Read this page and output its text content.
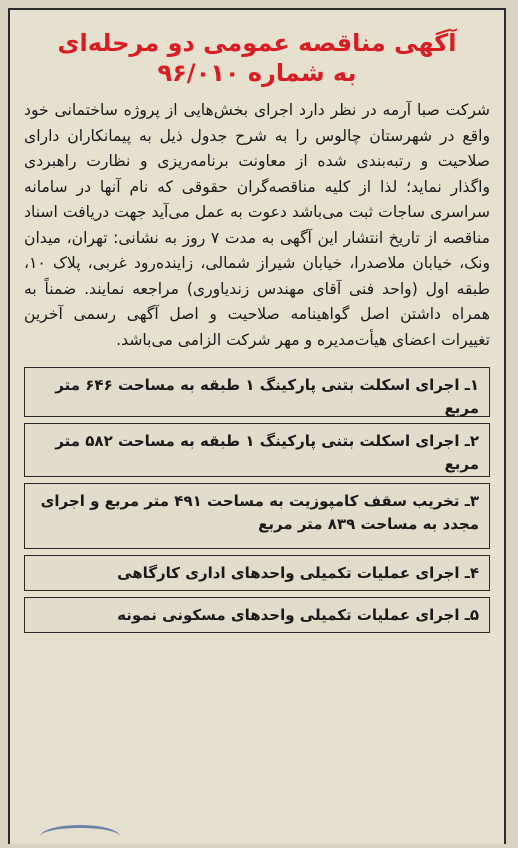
آگهی مناقصه عمومی دو مرحله‌ای
به شماره ۹۶/۰۱۰

شرکت صبا آرمه در نظر دارد اجرای بخش‌هایی از پروژه ساختمانی خود واقع در شهرستان چالوس را به شرح جدول ذیل به پیمانکاران دارای صلاحیت و رتبه‌بندی شده از معاونت برنامه‌ریزی و نظارت راهبردی واگذار نماید؛ لذا از کلیه مناقصه‌گران حقوقی که نام آنها در سامانه سراسری ساجات ثبت می‌باشد دعوت به عمل می‌آید جهت دریافت اسناد مناقصه از تاریخ انتشار این آگهی به مدت ۷ روز به نشانی: تهران، میدان ونک، خیابان ملاصدرا، خیابان شیراز شمالی، زاینده‌رود غربی، پلاک ۱۰، طبقه اول (واحد فنی آقای مهندس زندیاوری) مراجعه نمایند. ضمناً به همراه داشتن اصل گواهینامه صلاحیت و اصل آگهی رسمی آخرین تغییرات اعضای هیأت‌مدیره و مهر شرکت الزامی می‌باشد.

۱ـ اجرای اسکلت بتنی پارکینگ ۱ طبقه به مساحت ۶۴۶ متر مربع
۲ـ اجرای اسکلت بتنی پارکینگ ۱ طبقه به مساحت ۵۸۲ متر مربع
۳ـ تخریب سقف کامپوزیت به مساحت ۴۹۱ متر مربع و اجرای مجدد به مساحت ۸۳۹ متر مربع
۴ـ اجرای عملیات تکمیلی واحدهای اداری کارگاهی
۵ـ اجرای عملیات تکمیلی واحدهای مسکونی نمونه
